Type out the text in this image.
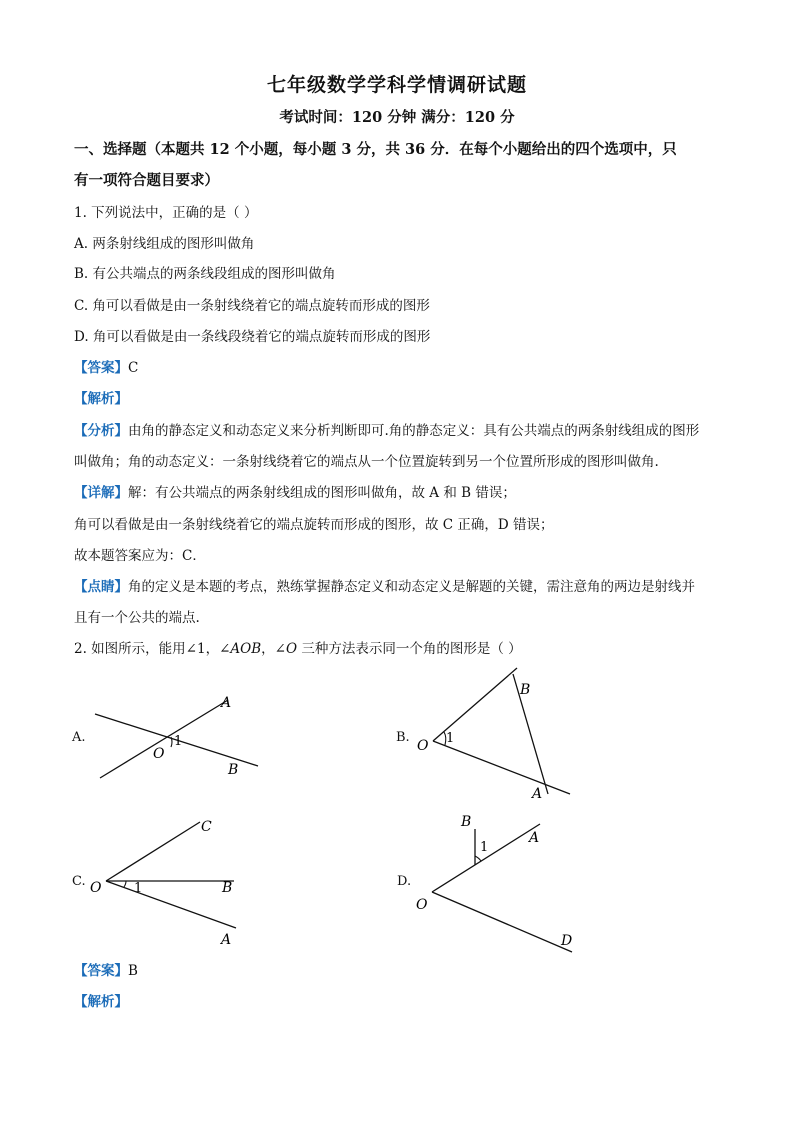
七年级数学学科学情调研试题
考试时间：120 分钟 满分：120 分
一、选择题（本题共 12 个小题，每小题 3 分，共 36 分．在每个小题给出的四个选项中，只
有一项符合题目要求）
1. 下列说法中，正确的是（ ）
A. 两条射线组成的图形叫做角
B. 有公共端点的两条线段组成的图形叫做角
C. 角可以看做是由一条射线绕着它的端点旋转而形成的图形
D. 角可以看做是由一条线段绕着它的端点旋转而形成的图形
【答案】C
【解析】
【分析】由角的静态定义和动态定义来分析判断即可.角的静态定义：具有公共端点的两条射线组成的图形
叫做角；角的动态定义：一条射线绕着它的端点从一个位置旋转到另一个位置所形成的图形叫做角.
【详解】解：有公共端点的两条射线组成的图形叫做角，故 A 和 B 错误；
角可以看做是由一条射线绕着它的端点旋转而形成的图形，故 C 正确，D 错误；
故本题答案应为：C．
【点睛】角的定义是本题的考点，熟练掌握静态定义和动态定义是解题的关键，需注意角的两边是射线并
且有一个公共的端点.
2. 如图所示，能用∠1，∠AOB，∠O 三种方法表示同一个角的图形是（ ）
A.
A
B
O
1	B.
B
A
O 1
C.
C
B
A
O	1	D.
B
A
D
O
1
【答案】B
【解析】
